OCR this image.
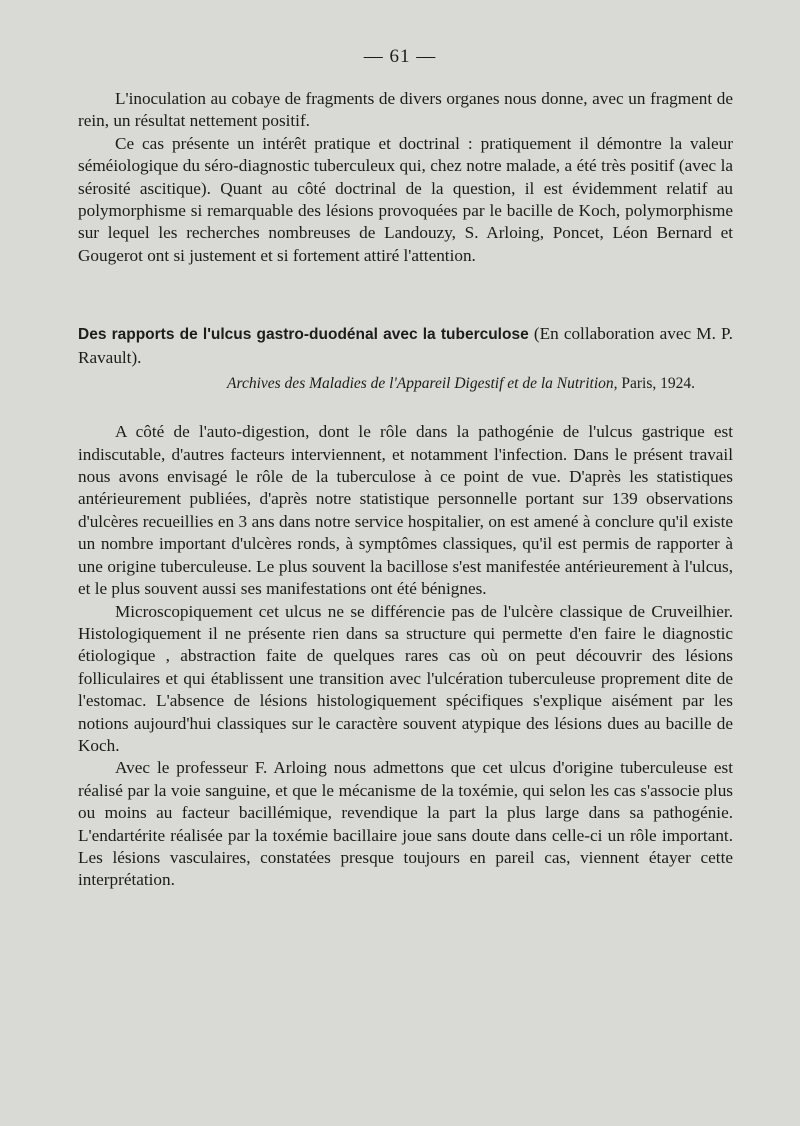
— 61 —

L'inoculation au cobaye de fragments de divers organes nous donne, avec un fragment de rein, un résultat nettement positif.

Ce cas présente un intérêt pratique et doctrinal : pratiquement il démontre la valeur séméiologique du séro-diagnostic tuberculeux qui, chez notre malade, a été très positif (avec la sérosité ascitique). Quant au côté doctrinal de la question, il est évidemment relatif au polymorphisme si remarquable des lésions provoquées par le bacille de Koch, polymorphisme sur lequel les recherches nombreuses de Landouzy, S. Arloing, Poncet, Léon Bernard et Gougerot ont si justement et si fortement attiré l'attention.

Des rapports de l'ulcus gastro-duodénal avec la tuberculose (En collaboration avec M. P. Ravault).
Archives des Maladies de l'Appareil Digestif et de la Nutrition, Paris, 1924.

A côté de l'auto-digestion, dont le rôle dans la pathogénie de l'ulcus gastrique est indiscutable, d'autres facteurs interviennent, et notamment l'infection. Dans le présent travail nous avons envisagé le rôle de la tuberculose à ce point de vue. D'après les statistiques antérieurement publiées, d'après notre statistique personnelle portant sur 139 observations d'ulcères recueillies en 3 ans dans notre service hospitalier, on est amené à conclure qu'il existe un nombre important d'ulcères ronds, à symptômes classiques, qu'il est permis de rapporter à une origine tuberculeuse. Le plus souvent la bacillose s'est manifestée antérieurement à l'ulcus, et le plus souvent aussi ses manifestations ont été bénignes.

Microscopiquement cet ulcus ne se différencie pas de l'ulcère classique de Cruveilhier. Histologiquement il ne présente rien dans sa structure qui permette d'en faire le diagnostic étiologique , abstraction faite de quelques rares cas où on peut découvrir des lésions folliculaires et qui établissent une transition avec l'ulcération tuberculeuse proprement dite de l'estomac. L'absence de lésions histologiquement spécifiques s'explique aisément par les notions aujourd'hui classiques sur le caractère souvent atypique des lésions dues au bacille de Koch.

Avec le professeur F. Arloing nous admettons que cet ulcus d'origine tuberculeuse est réalisé par la voie sanguine, et que le mécanisme de la toxémie, qui selon les cas s'associe plus ou moins au facteur bacillémique, revendique la part la plus large dans sa pathogénie. L'endartérite réalisée par la toxémie bacillaire joue sans doute dans celle-ci un rôle important. Les lésions vasculaires, constatées presque toujours en pareil cas, viennent étayer cette interprétation.
